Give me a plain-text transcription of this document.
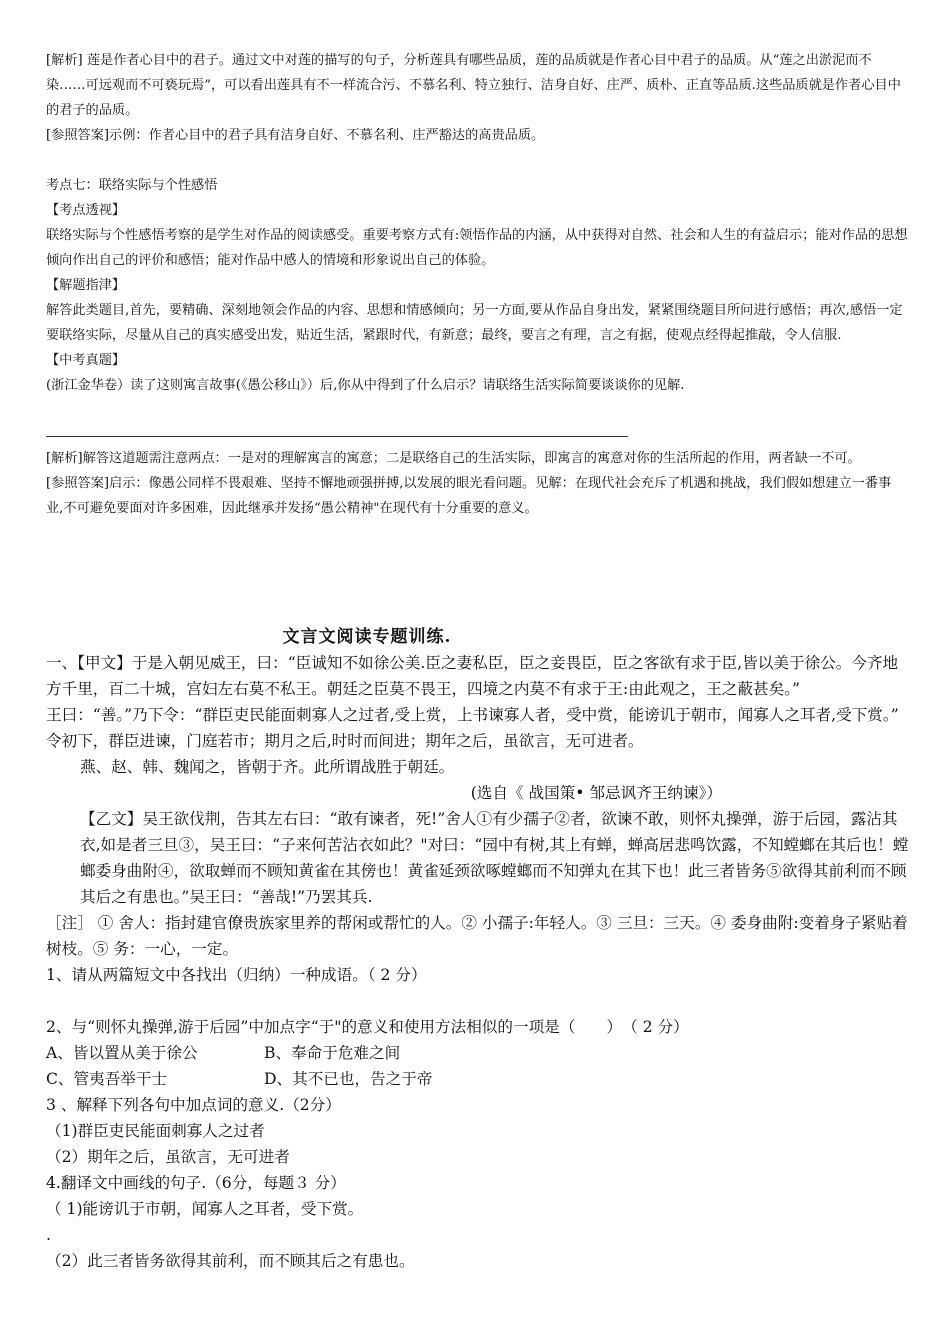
[解析] 莲是作者心目中的君子。通过文中对莲的描写的句子，分析莲具有哪些品质，莲的品质就是作者心目中君子的品质。从“莲之出淤泥而不染……可远观而不可亵玩焉”，可以看出莲具有不一样流合污、不慕名利、特立独行、洁身自好、庄严、质朴、正直等品质.这些品质就是作者心目中的君子的品质。

[参照答案]示例：作者心目中的君子具有洁身自好、不慕名利、庄严豁达的高贵品质。

考点七：联络实际与个性感悟

【考点透视】

联络实际与个性感悟考察的是学生对作品的阅读感受。重要考察方式有:领悟作品的内涵，从中获得对自然、社会和人生的有益启示；能对作品的思想倾向作出自己的评价和感悟；能对作品中感人的情境和形象说出自己的体验。

【解题指津】

解答此类题目,首先，要精确、深刻地领会作品的内容、思想和情感倾向；另一方面,要从作品自身出发，紧紧围绕题目所问进行感悟；再次,感悟一定要联络实际，尽量从自己的真实感受出发，贴近生活，紧跟时代，有新意；最终，要言之有理，言之有据，使观点经得起推敲，令人信服.

【中考真题】

(浙江金华卷）读了这则寓言故事(《愚公移山》）后,你从中得到了什么启示？请联络生活实际简要谈谈你的见解.

[解析]解答这道题需注意两点：一是对的理解寓言的寓意；二是联络自己的生活实际，即寓言的寓意对你的生活所起的作用，两者缺一不可。

[参照答案]启示：像愚公同样不畏艰难、坚持不懈地顽强拼搏,以发展的眼光看问题。见解：在现代社会充斥了机遇和挑战，我们假如想建立一番事业,不可避免要面对许多困难，因此继承并发扬“愚公精神"在现代有十分重要的意义。

文言文阅读专题训练.

一、【甲文】于是入朝见威王，曰：“臣诚知不如徐公美.臣之妻私臣，臣之妾畏臣，臣之客欲有求于臣,皆以美于徐公。今齐地方千里，百二十城，宫妇左右莫不私王。朝廷之臣莫不畏王，四境之内莫不有求于王:由此观之，王之蔽甚矣。”

王曰：“善。”乃下令：“群臣吏民能面刺寡人之过者,受上赏，上书谏寡人者，受中赏，能谤讥于朝市，闻寡人之耳者,受下赏。”

令初下，群臣进谏，门庭若市；期月之后,时时而间进；期年之后，虽欲言，无可进者。

燕、赵、韩、魏闻之，皆朝于齐。此所谓战胜于朝廷。

(选自《 战国策• 邹忌讽齐王纳谏》）

【乙文】吴王欲伐荆，告其左右曰：“敢有谏者，死!”舍人①有少孺子②者，欲谏不敢，则怀丸操弹，游于后园，露沾其衣,如是者三旦③，吴王曰：“子来何苦沾衣如此？"对曰：“园中有树,其上有蝉，蝉高居悲鸣饮露，不知螳螂在其后也！螳螂委身曲附④，欲取蝉而不顾知黄雀在其傍也！黄雀延颈欲啄螳螂而不知弹丸在其下也！此三者皆务⑤欲得其前利而不顾其后之有患也。”吴王曰：“善哉!”乃罢其兵.

［注］ ① 舍人：指封建官僚贵族家里养的帮闲或帮忙的人。② 小孺子:年轻人。③ 三旦：三天。④ 委身曲附:变着身子紧贴着树枝。⑤ 务：一心，一定。

1、请从两篇短文中各找出（归纳）一种成语。（ 2 分）

2、与“则怀丸操弹,游于后园”中加点字“于"的意义和使用方法相似的一项是（　　）　（ 2 分）

A、皆以置从美于徐公	B、奉命于危难之间
C、管夷吾举干士	D、其不已也，告之于帝

3 、解释下列各句中加点词的意义.（2分）

（1)群臣吏民能面刺寡人之过者

（2）期年之后，虽欲言，无可进者

4.翻译文中画线的句子.（6分，每题３ 分）

（ 1)能谤讥于市朝，闻寡人之耳者，受下赏。

.

（2）此三者皆务欲得其前利，而不顾其后之有患也。
